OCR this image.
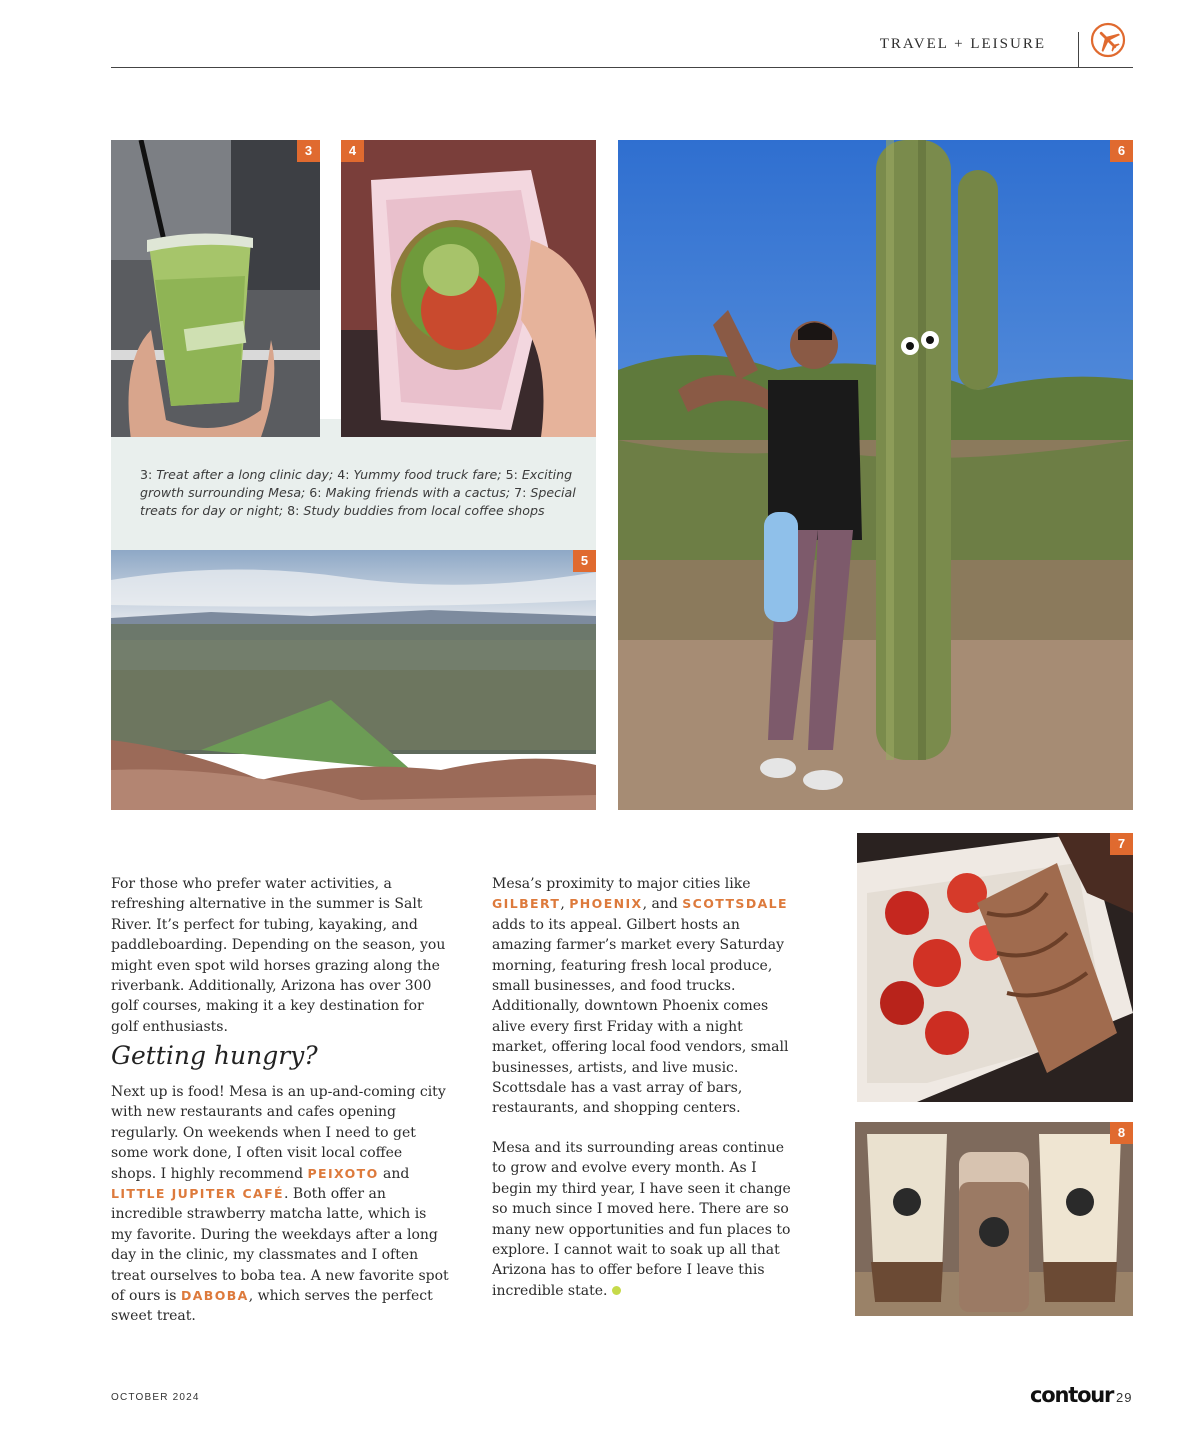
TRAVEL + LEISURE
3: Treat after a long clinic day; 4: Yummy food truck fare; 5: Exciting growth surrounding Mesa; 6: Making friends with a cactus; 7: Special treats for day or night; 8: Study buddies from local coffee shops
3	4
5
6
7
8

For those who prefer water activities, a refreshing alternative in the summer is Salt River. It’s perfect for tubing, kayaking, and paddleboarding. Depending on the season, you might even spot wild horses grazing along the riverbank. Additionally, Arizona has over 300 golf courses, making it a key destination for golf enthusiasts.

Getting hungry?

Next up is food! Mesa is an up-and-coming city with new restaurants and cafes opening regularly. On weekends when I need to get some work done, I often visit local coffee shops. I highly recommend PEIXOTO and LITTLE JUPITER CAFÉ. Both offer an incredible strawberry matcha latte, which is my favorite. During the weekdays after a long day in the clinic, my classmates and I often treat ourselves to boba tea. A new favorite spot of ours is DABOBA, which serves the perfect sweet treat.

Mesa’s proximity to major cities like GILBERT, PHOENIX, and SCOTTSDALE adds to its appeal. Gilbert hosts an amazing farmer’s market every Saturday morning, featuring fresh local produce, small businesses, and food trucks. Additionally, downtown Phoenix comes alive every first Friday with a night market, offering local food vendors, small businesses, artists, and live music. Scottsdale has a vast array of bars, restaurants, and shopping centers.

Mesa and its surrounding areas continue to grow and evolve every month. As I begin my third year, I have seen it change so much since I moved here. There are so many new opportunities and fun places to explore. I cannot wait to soak up all that Arizona has to offer before I leave this incredible state.

OCTOBER 2024	contour 29
